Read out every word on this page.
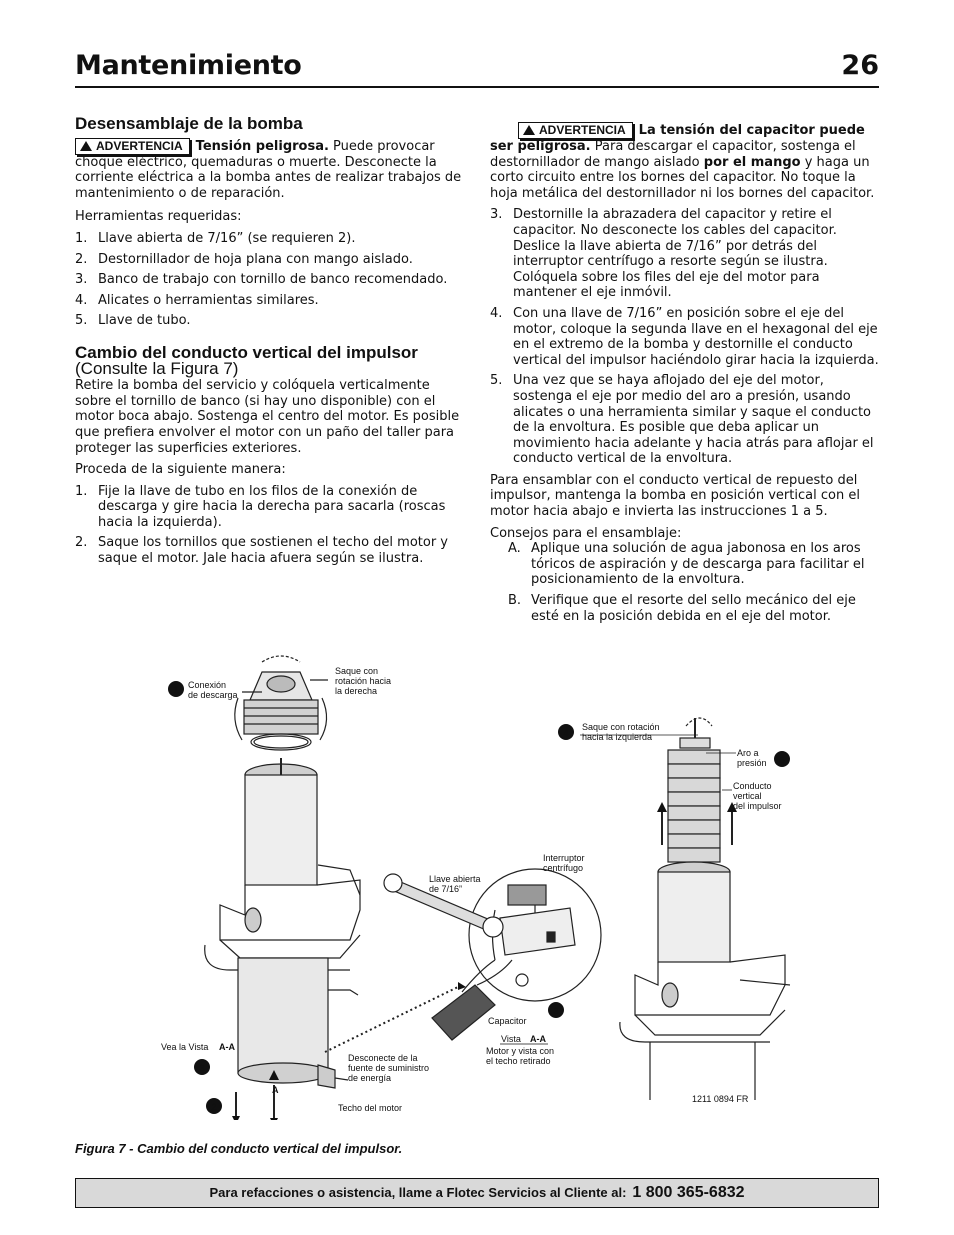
Mantenimiento	26
Desensamblaje de la bomba

ADVERTENCIA Tensión peligrosa. Puede provocar choque eléctrico, quemaduras o muerte. Desconecte la corriente eléctrica a la bomba antes de realizar trabajos de mantenimiento o de reparación.

Herramientas requeridas:

1. Llave abierta de 7/16” (se requieren 2).
2. Destornillador de hoja plana con mango aislado.
3. Banco de trabajo con tornillo de banco recomendado.
4. Alicates o herramientas similares.
5. Llave de tubo.
Cambio del conducto vertical del impulsor
(Consulte la Figura 7)

Retire la bomba del servicio y colóquela verticalmente sobre el tornillo de banco (si hay uno disponible) con el motor boca abajo. Sostenga el centro del motor. Es posible que prefiera envolver el motor con un paño del taller para proteger las superficies exteriores.

Proceda de la siguiente manera:

1. Fije la llave de tubo en los filos de la conexión de descarga y gire hacia la derecha para sacarla (roscas hacia la izquierda).
2. Saque los tornillos que sostienen el techo del motor y saque el motor. Jale hacia afuera según se ilustra.

ADVERTENCIA La tensión del capacitor puede ser peligrosa. Para descargar el capacitor, sostenga el destornillador de mango aislado por el mango y haga un corto circuito entre los bornes del capacitor. No toque la hoja metálica del destornillador ni los bornes del capacitor.

3. Destornille la abrazadera del capacitor y retire el capacitor. No desconecte los cables del capacitor. Deslice la llave abierta de 7/16” por detrás del interruptor centrífugo a resorte según se ilustra. Colóquela sobre los files del eje del motor para mantener el eje inmóvil.
4. Con una llave de 7/16” en posición sobre el eje del motor, coloque la segunda llave en el hexagonal del eje en el extremo de la bomba y destornille el conducto vertical del impulsor haciéndolo girar hacia la izquierda.
5. Una vez que se haya aflojado del eje del motor, sostenga el eje por medio del aro a presión, usando alicates o una herramienta similar y saque el conducto de la envoltura. Es posible que deba aplicar un movimiento hacia adelante y hacia atrás para aflojar el conducto vertical de la envoltura.

Para ensamblar con el conducto vertical de repuesto del impulsor, mantenga la bomba en posición vertical con el motor hacia abajo e invierta las instrucciones 1 a 5.

Consejos para el ensamblaje:

A. Aplique una solución de agua jabonosa en los aros tóricos de aspiración y de descarga para facilitar el posicionamiento de la envoltura.
B. Verifique que el resorte del sello mecánico del eje esté en la posición debida en el eje del motor.
1
2
3
3
4
5
Conexión de descarga
Saque con rotación hacia la derecha
Saque con rotación hacia la izquierda
Aro a presión
Conducto vertical del impulsor
Interruptor centrífugo
Llave abierta de 7/16”
Capacitor
Vista A-A
Motor y vista con el techo retirado
Vea la Vista A-A
Desconecte de la fuente de suministro de energía
Techo del motor
A
1211 0894 FR
Figura 7 - Cambio del conducto vertical del impulsor.
Para refacciones o asistencia, llame a Flotec Servicios al Cliente al: 1 800 365-6832
